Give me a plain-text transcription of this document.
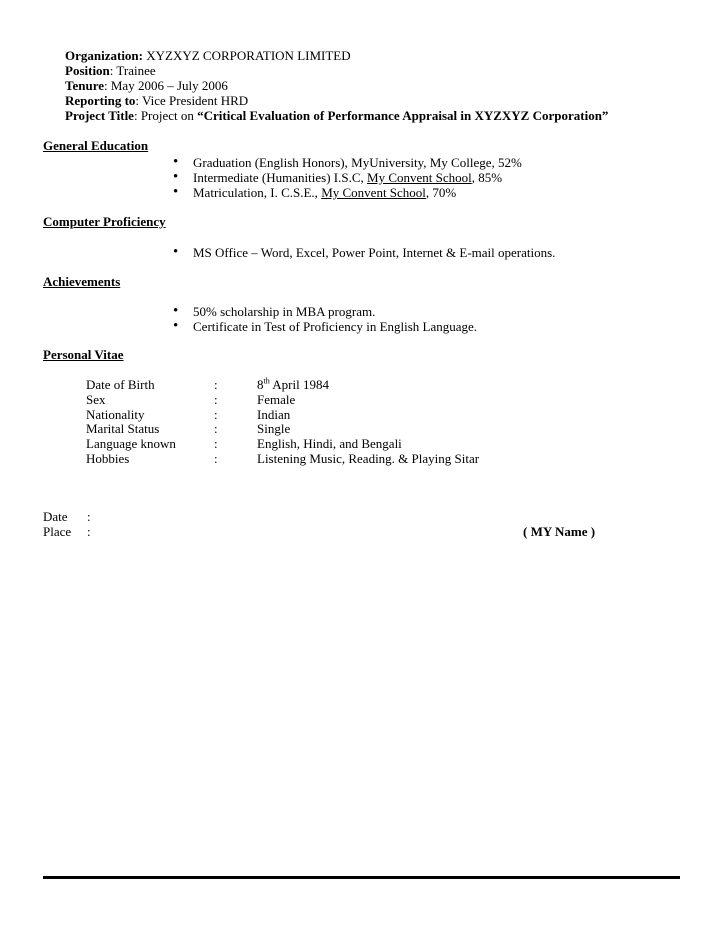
Organization: XYZXYZ CORPORATION LIMITED
Position: Trainee
Tenure: May 2006 – July 2006
Reporting to: Vice President HRD
Project Title: Project on “Critical Evaluation of Performance Appraisal in XYZXYZ Corporation”
General Education
• Graduation (English Honors), MyUniversity, My College, 52%
• Intermediate (Humanities) I.S.C, My Convent School, 85%
• Matriculation, I. C.S.E., My Convent School, 70%
Computer Proficiency
• MS Office – Word, Excel, Power Point, Internet & E-mail operations.
Achievements
• 50% scholarship in MBA program.
• Certificate in Test of Proficiency in English Language.
Personal Vitae
Date of Birth	:	8th April 1984
Sex	:	Female
Nationality	:	Indian
Marital Status	:	Single
Language known	:	English, Hindi, and Bengali
Hobbies	:	Listening Music, Reading. & Playing Sitar
Date :
Place :	( MY Name )
